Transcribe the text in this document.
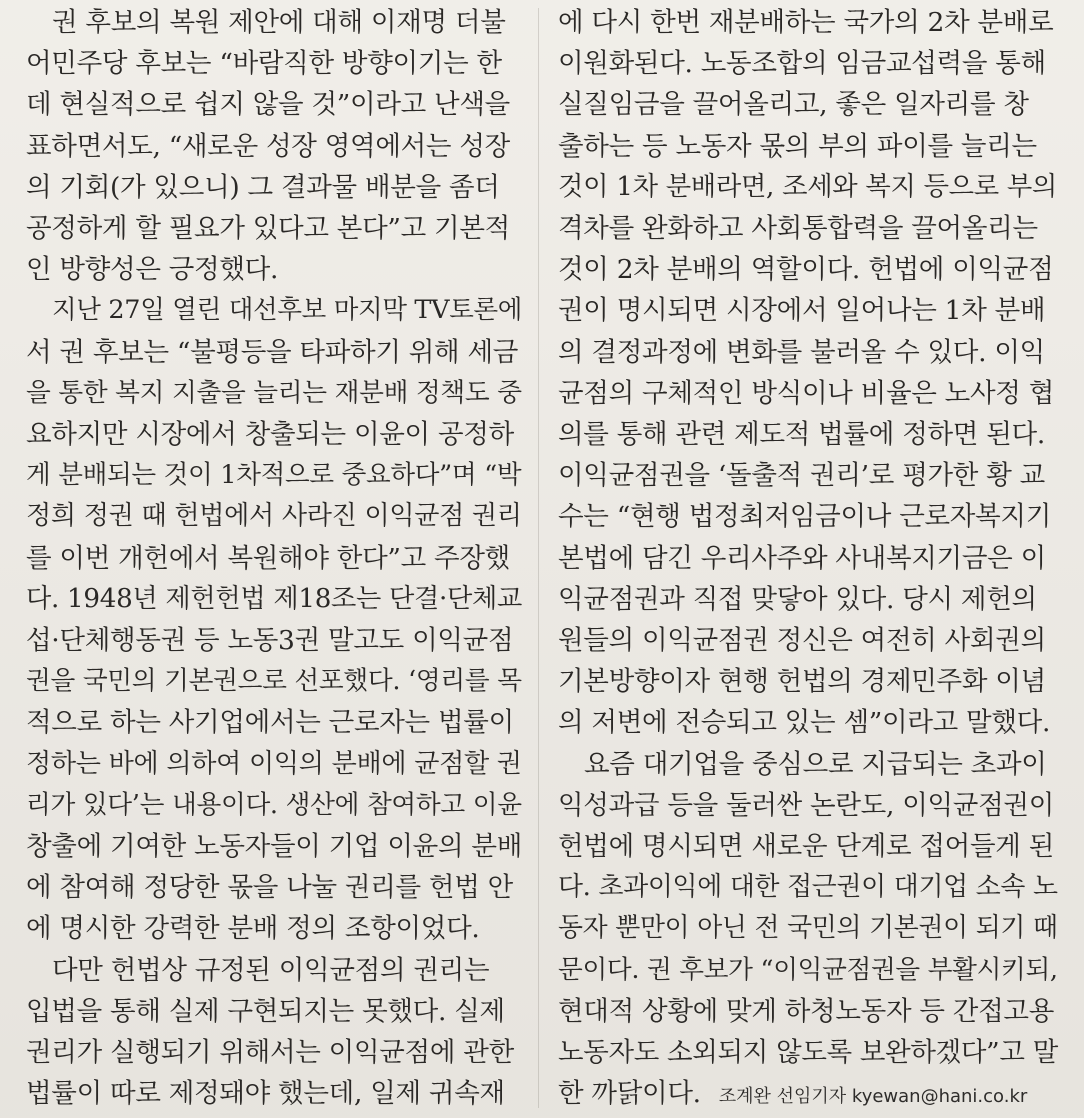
권 후보의 복원 제안에 대해 이재명 더불
어민주당 후보는 “바람직한 방향이기는 한
데 현실적으로 쉽지 않을 것”이라고 난색을
표하면서도, “새로운 성장 영역에서는 성장
의 기회(가 있으니) 그 결과물 배분을 좀더
공정하게 할 필요가 있다고 본다”고 기본적
인 방향성은 긍정했다.
지난 27일 열린 대선후보 마지막 TV토론에
서 권 후보는 “불평등을 타파하기 위해 세금
을 통한 복지 지출을 늘리는 재분배 정책도 중
요하지만 시장에서 창출되는 이윤이 공정하
게 분배되는 것이 1차적으로 중요하다”며 “박
정희 정권 때 헌법에서 사라진 이익균점 권리
를 이번 개헌에서 복원해야 한다”고 주장했
다. 1948년 제헌헌법 제18조는 단결·단체교
섭·단체행동권 등 노동3권 말고도 이익균점
권을 국민의 기본권으로 선포했다. ‘영리를 목
적으로 하는 사기업에서는 근로자는 법률이
정하는 바에 의하여 이익의 분배에 균점할 권
리가 있다’는 내용이다. 생산에 참여하고 이윤
창출에 기여한 노동자들이 기업 이윤의 분배
에 참여해 정당한 몫을 나눌 권리를 헌법 안
에 명시한 강력한 분배 정의 조항이었다.
다만 헌법상 규정된 이익균점의 권리는
입법을 통해 실제 구현되지는 못했다. 실제
권리가 실행되기 위해서는 이익균점에 관한
법률이 따로 제정돼야 했는데, 일제 귀속재
에 다시 한번 재분배하는 국가의 2차 분배로
이원화된다. 노동조합의 임금교섭력을 통해
실질임금을 끌어올리고, 좋은 일자리를 창
출하는 등 노동자 몫의 부의 파이를 늘리는
것이 1차 분배라면, 조세와 복지 등으로 부의
격차를 완화하고 사회통합력을 끌어올리는
것이 2차 분배의 역할이다. 헌법에 이익균점
권이 명시되면 시장에서 일어나는 1차 분배
의 결정과정에 변화를 불러올 수 있다. 이익
균점의 구체적인 방식이나 비율은 노사정 협
의를 통해 관련 제도적 법률에 정하면 된다.
이익균점권을 ‘돌출적 권리’로 평가한 황 교
수는 “현행 법정최저임금이나 근로자복지기
본법에 담긴 우리사주와 사내복지기금은 이
익균점권과 직접 맞닿아 있다. 당시 제헌의
원들의 이익균점권 정신은 여전히 사회권의
기본방향이자 현행 헌법의 경제민주화 이념
의 저변에 전승되고 있는 셈”이라고 말했다.
요즘 대기업을 중심으로 지급되는 초과이
익성과급 등을 둘러싼 논란도, 이익균점권이
헌법에 명시되면 새로운 단계로 접어들게 된
다. 초과이익에 대한 접근권이 대기업 소속 노
동자 뿐만이 아닌 전 국민의 기본권이 되기 때
문이다. 권 후보가 “이익균점권을 부활시키되,
현대적 상황에 맞게 하청노동자 등 간접고용
노동자도 소외되지 않도록 보완하겠다”고 말
한 까닭이다. 조계완 선임기자 kyewan@hani.co.kr
